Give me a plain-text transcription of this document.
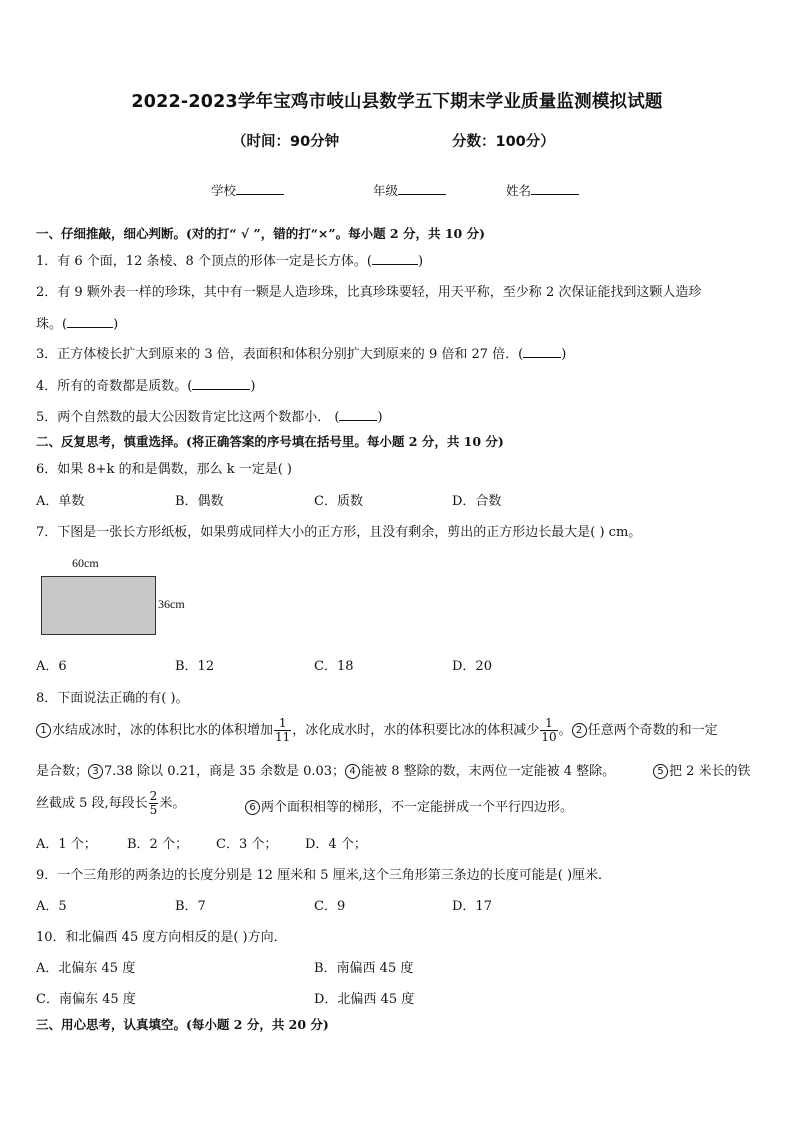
2022-2023学年宝鸡市岐山县数学五下期末学业质量监测模拟试题
（时间：90分钟	分数：100分）
学校	年级	姓名
一、仔细推敲，细心判断。(对的打“ √ ”，错的打“×”。每小题 2 分，共 10 分)
1．有 6 个面，12 条棱、8 个顶点的形体一定是长方体。(	)
2．有 9 颗外表一样的珍珠，其中有一颗是人造珍珠，比真珍珠要轻，用天平称，至少称 2 次保证能找到这颗人造珍
珠。(	)
3．正方体棱长扩大到原来的 3 倍，表面积和体积分别扩大到原来的 9 倍和 27 倍．(	)
4．所有的奇数都是质数。(	)
5．两个自然数的最大公因数肯定比这两个数都小． (	)
二、反复思考，慎重选择。(将正确答案的序号填在括号里。每小题 2 分，共 10 分)
6．如果 8+k 的和是偶数，那么 k 一定是( )
A．单数	B．偶数	C．质数	D．合数
7．下图是一张长方形纸板，如果剪成同样大小的正方形，且没有剩余，剪出的正方形边长最大是( ) cm。
60cm
36cm
A．6	B．12	C．18	D．20
8．下面说法正确的有( )。
1 水结成冰时，冰的体积比水的体积增加 $\frac{1}{11}$ ，冰化成水时，水的体积要比冰的体积减少 $\frac{1}{10}$ 。 2 任意两个奇数的和一定
是合数； 3 7.38 除以 0.21，商是 35 余数是 0.03； 4 能被 8 整除的数，末两位一定能被 4 整除。	5 把 2 米长的铁
丝截成 5 段,每段长 $\frac{2}{5}$ 米。	6 两个面积相等的梯形，不一定能拼成一个平行四边形。
A．1 个； B．2 个； C．3 个； D．4 个；
9．一个三角形的两条边的长度分别是 12 厘米和 5 厘米,这个三角形第三条边的长度可能是( )厘米．
A．5	B．7	C．9	D．17
10．和北偏西 45 度方向相反的是( )方向．
A．北偏东 45 度	B．南偏西 45 度
C．南偏东 45 度	D．北偏西 45 度
三、用心思考，认真填空。(每小题 2 分，共 20 分)
